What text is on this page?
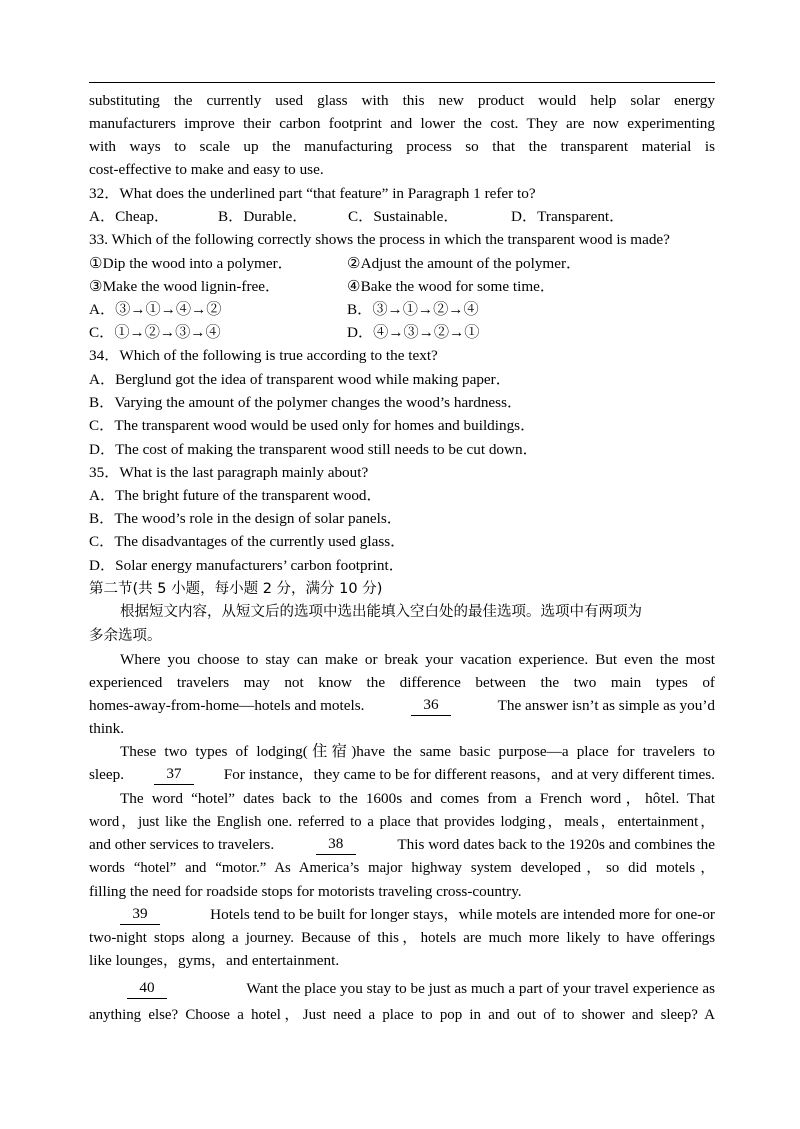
substituting the currently used glass with this new product would help solar energy
manufacturers improve their carbon footprint and lower the cost. They are now experimenting
with ways to scale up the manufacturing process so that the transparent material is
cost-effective to make and easy to use.
32．What does the underlined part “that feature” in Paragraph 1 refer to?
A．Cheap．	B．Durable．	C．Sustainable．	D．Transparent．
33. Which of the following correctly shows the process in which the transparent wood is made?
①Dip the wood into a polymer．	②Adjust the amount of the polymer．
③Make the wood lignin-free．	④Bake the wood for some time．
A．③→①→④→②	B．③→①→②→④
C．①→②→③→④	D．④→③→②→①
34．Which of the following is true according to the text?
A．Berglund got the idea of transparent wood while making paper．
B．Varying the amount of the polymer changes the wood’s hardness．
C．The transparent wood would be used only for homes and buildings．
D．The cost of making the transparent wood still needs to be cut down．
35．What is the last paragraph mainly about?
A．The bright future of the transparent wood．
B．The wood’s role in the design of solar panels．
C．The disadvantages of the currently used glass．
D．Solar energy manufacturers’ carbon footprint．
第二节(共 5 小题，每小题 2 分，满分 10 分)
根据短文内容，从短文后的选项中选出能填入空白处的最佳选项。选项中有两项为
多余选项。
Where you choose to stay can make or break your vacation experience. But even the most
experienced travelers may not know the difference between the two main types of
homes-away-from-home—hotels and motels.	36	The answer isn’t as simple as you’d
think.
These two types of lodging(住宿)have the same basic purpose—a place for travelers to
sleep.	37	For instance，they came to be for different reasons，and at very different times.
The word “hotel” dates back to the 1600s and comes from a French word，hôtel. That
word，just like the English one. referred to a place that provides lodging，meals，entertainment，
and other services to travelers.	38	This word dates back to the 1920s and combines the
words “hotel” and “motor.” As America’s major highway system developed，so did motels，
filling the need for roadside stops for motorists traveling cross-country.
39	Hotels tend to be built for longer stays，while motels are intended more for one-or
two-night stops along a journey. Because of this，hotels are much more likely to have offerings
like lounges，gyms，and entertainment.
40	Want the place you stay to be just as much a part of your travel experience as
anything else? Choose a hotel，Just need a place to pop in and out of to shower and sleep? A
